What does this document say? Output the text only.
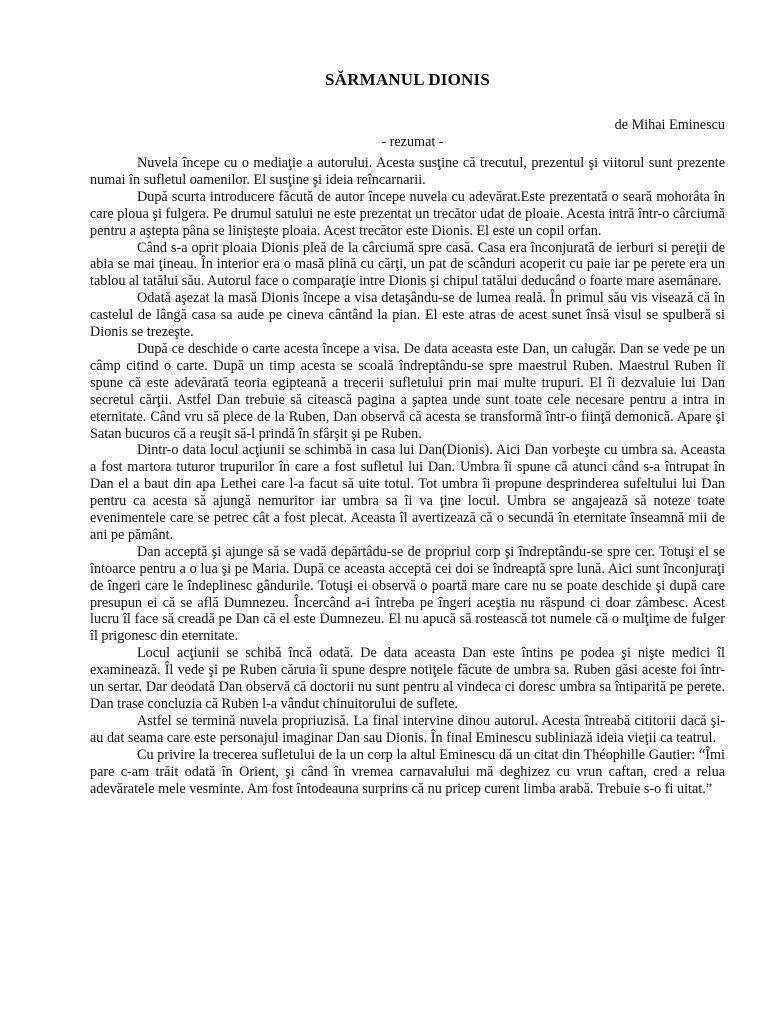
SĂRMANUL DIONIS
de Mihai Eminescu
- rezumat -

Nuvela începe cu o mediaţie a autorului. Acesta susţine că trecutul, prezentul şi viitorul sunt prezente numai în sufletul oamenilor. El susţine şi ideia reîncarnarii.

După scurta introducere făcută de autor începe nuvela cu adevărat.Este prezentată o seară mohorâta în care ploua şi fulgera. Pe drumul satului ne este prezentat un trecător udat de ploaie. Acesta intră într-o cârciumă pentru a aştepta pâna se linişteşte ploaia. Acest trecător este Dionis. El este un copil orfan.

Când s-a oprit ploaia Dionis pleă de la cârciumă spre casă. Casa era înconjurată de ierburi si pereţii de abia se mai ţineau. În interior era o masă plină cu cărţi, un pat de scânduri acoperit cu paie iar pe perete era un tablou al tatălui său. Autorul face o comparaţie intre Dionis şi chipul tatălui deducând o foarte mare asemănare.

Odată aşezat la masă Dionis începe a visa detaşându-se de lumea reală. În primul său vis visează că în castelul de lângă casa sa aude pe cineva cântând la pian. El este atras de acest sunet însă visul se spulberă si Dionis se trezeşte.

După ce deschide o carte acesta începe a visa. De data aceasta este Dan, un calugăr. Dan se vede pe un câmp citind o carte. După un timp acesta se scoală îndreptându-se spre maestrul Ruben. Maestrul Ruben îi spune că este adevărată teoria egipteană a trecerii sufletului prin mai multe trupuri. El îi dezvaluie lui Dan secretul cărţii. Astfel Dan trebuie să citească pagina a şaptea unde sunt toate cele necesare pentru a intra in eternitate. Când vru să plece de la Ruben, Dan observă că acesta se transformă într-o fiinţă demonică. Apare şi Satan bucuros că a reuşit să-l prindă în sfârşit şi pe Ruben.

Dintr-o data locul acţiunii se schimbă in casa lui Dan(Dionis). Aici Dan vorbeşte cu umbra sa. Aceasta a fost martora tuturor trupurilor în care a fost sufletul lui Dan. Umbra îi spune că atunci când s-a întrupat în Dan el a baut din apa Lethei care l-a facut să uite totul. Tot umbra îi propune desprinderea sufeltului lui Dan pentru ca acesta să ajungă nemuritor iar umbra sa îi va ţine locul. Umbra se angajează să noteze toate evenimentele care se petrec cât a fost plecat. Aceasta îl avertizează că o secundă în eternitate înseamnă mii de ani pe pământ.

Dan acceptă şi ajunge să se vadă depărtâdu-se de propriul corp şi îndreptându-se spre cer. Totuşi el se întoarce pentru a o lua şi pe Maria. După ce aceasta acceptă cei doi se îndreaptă spre lună. Aici sunt înconjuraţi de îngeri care le îndeplinesc gândurile. Totuşi ei observă o poartă mare care nu se poate deschide şi după care presupun ei că se află Dumnezeu. Încercând a-i întreba pe îngeri aceştia nu răspund ci doar zâmbesc. Acest lucru îl face să creadă pe Dan că el este Dumnezeu. El nu apucă să rostească tot numele că o mulţime de fulger îl prigonesc din eternitate.

Locul acţiunii se schibă încă odată. De data aceasta Dan este întins pe podea şi nişte medici îl examinează. Îl vede şi pe Ruben căruia îi spune despre notiţele făcute de umbra sa. Ruben găsi aceste foi într-un sertar. Dar deodată Dan observă că doctorii nu sunt pentru al vindeca ci doresc umbra sa întiparită pe perete. Dan trase concluzia că Ruben l-a vândut chinuitorului de suflete.

Astfel se termină nuvela propriuzisă. La final intervine dinou autorul. Acesta întreabă cititorii dacă şi-au dat seama care este personajul imaginar Dan sau Dionis. În final Eminescu subliniază ideia vieţii ca teatrul.

Cu privire la trecerea sufletului de la un corp la altul Eminescu dă un citat din Théophille Gautier: “Îmi pare c-am trăit odată în Orient, şi când în vremea carnavalului mă deghizez cu vrun caftan, cred a relua adevăratele mele vesminte. Am fost întodeauna surprins că nu pricep curent limba arabă. Trebuie s-o fi uitat.”
